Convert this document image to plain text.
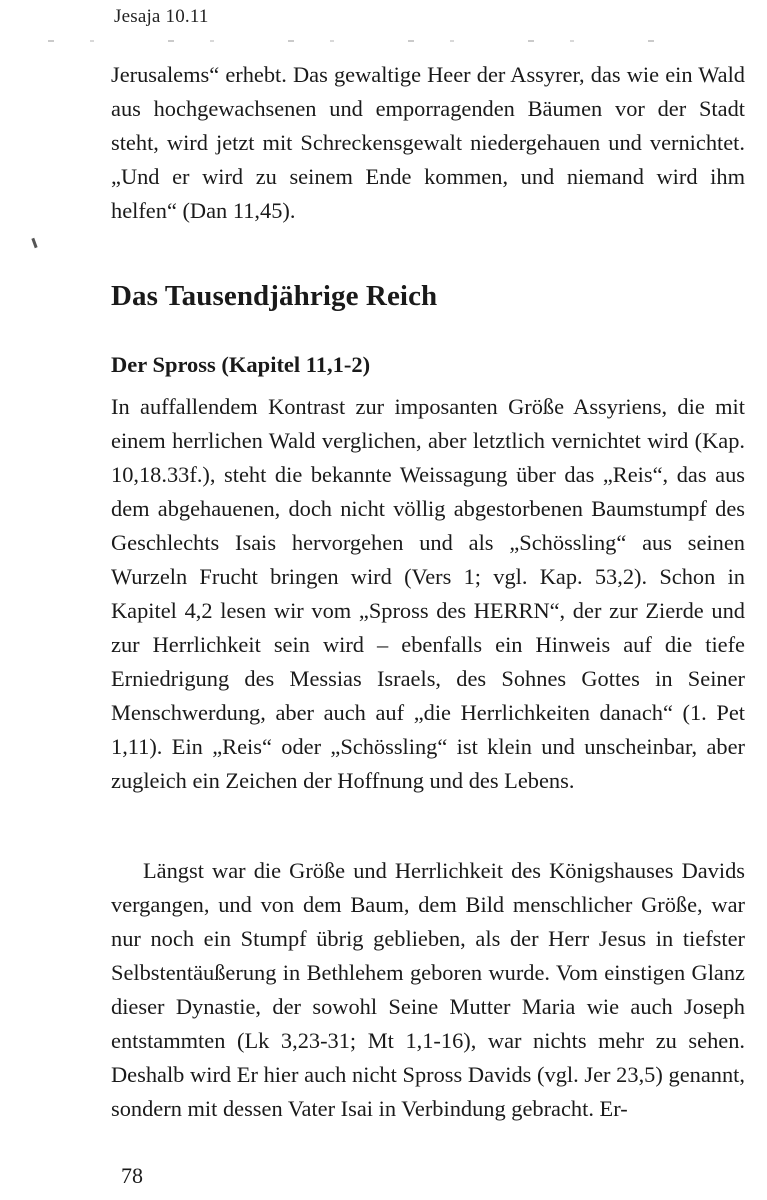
Jesaja 10.11

Jerusalems“ erhebt. Das gewaltige Heer der Assyrer, das wie ein Wald aus hochgewachsenen und emporragenden Bäumen vor der Stadt steht, wird jetzt mit Schreckensgewalt niedergehauen und vernichtet. „Und er wird zu seinem Ende kommen, und niemand wird ihm helfen“ (Dan 11,45).

Das Tausendjährige Reich
Der Spross (Kapitel 11,1-2)

In auffallendem Kontrast zur imposanten Größe Assyriens, die mit einem herrlichen Wald verglichen, aber letztlich vernichtet wird (Kap. 10,18.33f.), steht die bekannte Weissagung über das „Reis“, das aus dem abgehauenen, doch nicht völlig abgestorbenen Baumstumpf des Geschlechts Isais hervorgehen und als „Schössling“ aus seinen Wurzeln Frucht bringen wird (Vers 1; vgl. Kap. 53,2). Schon in Kapitel 4,2 lesen wir vom „Spross des HERRN“, der zur Zierde und zur Herrlichkeit sein wird – ebenfalls ein Hinweis auf die tiefe Erniedrigung des Messias Israels, des Sohnes Gottes in Seiner Menschwerdung, aber auch auf „die Herrlichkeiten danach“ (1. Pet 1,11). Ein „Reis“ oder „Schössling“ ist klein und unscheinbar, aber zugleich ein Zeichen der Hoffnung und des Lebens.

Längst war die Größe und Herrlichkeit des Königshauses Davids vergangen, und von dem Baum, dem Bild menschlicher Größe, war nur noch ein Stumpf übrig geblieben, als der Herr Jesus in tiefster Selbstentäußerung in Bethlehem geboren wurde. Vom einstigen Glanz dieser Dynastie, der sowohl Seine Mutter Maria wie auch Joseph entstammten (Lk 3,23-31; Mt 1,1-16), war nichts mehr zu sehen. Deshalb wird Er hier auch nicht Spross Davids (vgl. Jer 23,5) genannt, sondern mit dessen Vater Isai in Verbindung gebracht. Er-

78
